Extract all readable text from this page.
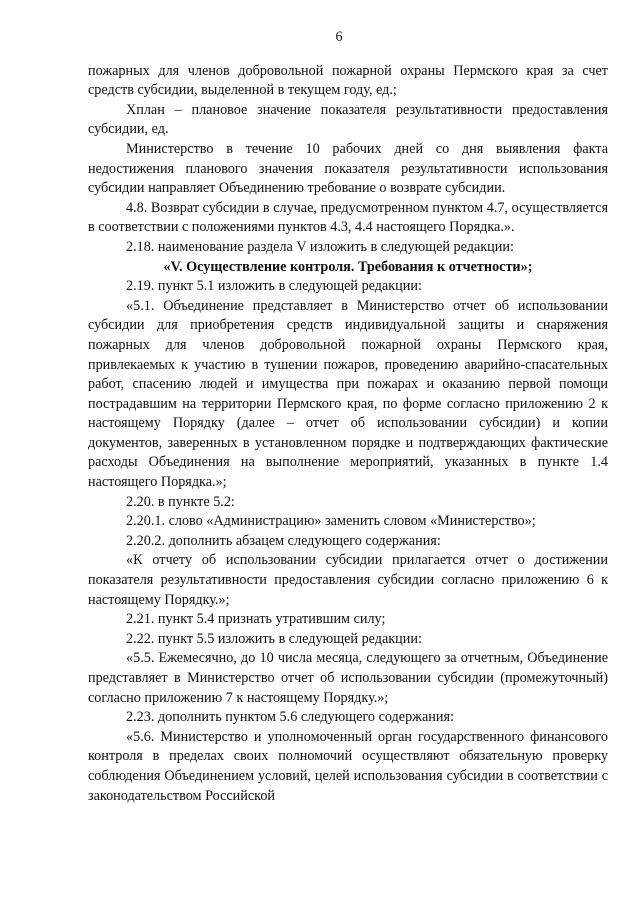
6

пожарных для членов добровольной пожарной охраны Пермского края за счет средств субсидии, выделенной в текущем году, ед.;

Хплан – плановое значение показателя результативности предоставления субсидии, ед.

Министерство в течение 10 рабочих дней со дня выявления факта недостижения планового значения показателя результативности использования субсидии направляет Объединению требование о возврате субсидии.

4.8. Возврат субсидии в случае, предусмотренном пунктом 4.7, осуществляется в соответствии с положениями пунктов 4.3, 4.4 настоящего Порядка.».

2.18. наименование раздела V изложить в следующей редакции:

«V. Осуществление контроля. Требования к отчетности»;

2.19. пункт 5.1 изложить в следующей редакции:

«5.1. Объединение представляет в Министерство отчет об использовании субсидии для приобретения средств индивидуальной защиты и снаряжения пожарных для членов добровольной пожарной охраны Пермского края, привлекаемых к участию в тушении пожаров, проведению аварийно-спасательных работ, спасению людей и имущества при пожарах и оказанию первой помощи пострадавшим на территории Пермского края, по форме согласно приложению 2 к настоящему Порядку (далее – отчет об использовании субсидии) и копии документов, заверенных в установленном порядке и подтверждающих фактические расходы Объединения на выполнение мероприятий, указанных в пункте 1.4 настоящего Порядка.»;

2.20. в пункте 5.2:

2.20.1. слово «Администрацию» заменить словом «Министерство»;

2.20.2. дополнить абзацем следующего содержания:

«К отчету об использовании субсидии прилагается отчет о достижении показателя результативности предоставления субсидии согласно приложению 6 к настоящему Порядку.»;

2.21. пункт 5.4 признать утратившим силу;

2.22. пункт 5.5 изложить в следующей редакции:

«5.5. Ежемесячно, до 10 числа месяца, следующего за отчетным, Объединение представляет в Министерство отчет об использовании субсидии (промежуточный) согласно приложению 7 к настоящему Порядку.»;

2.23. дополнить пунктом 5.6 следующего содержания:

«5.6. Министерство и уполномоченный орган государственного финансового контроля в пределах своих полномочий осуществляют обязательную проверку соблюдения Объединением условий, целей использования субсидии в соответствии с законодательством Российской
